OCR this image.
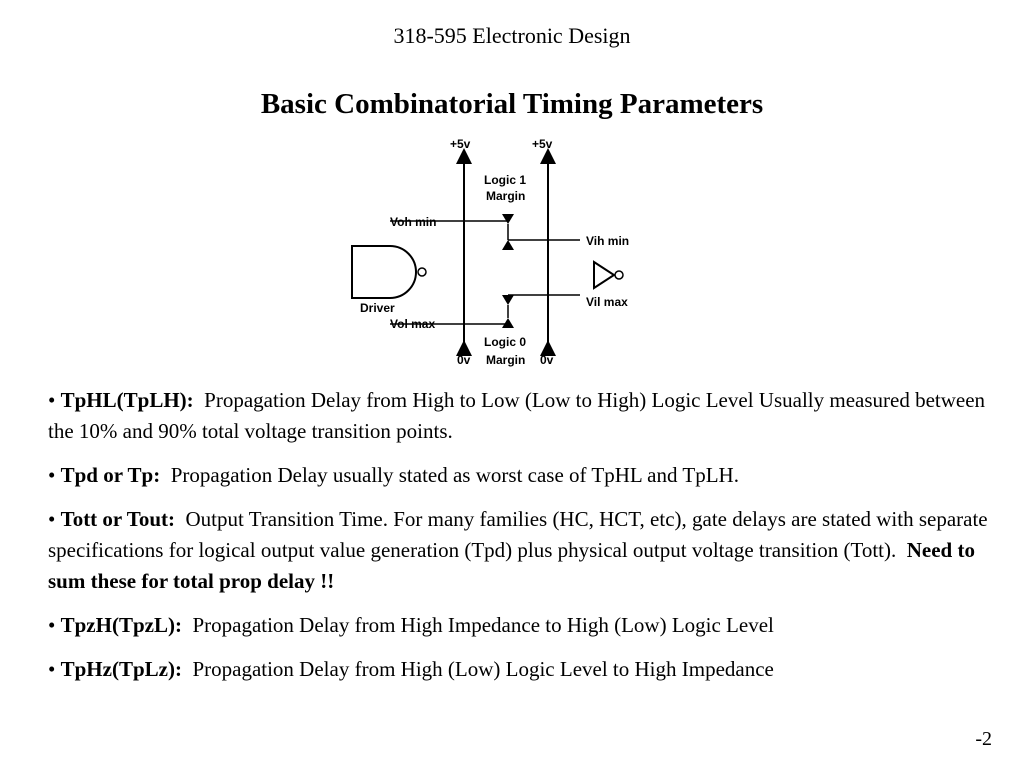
318-595 Electronic Design
Basic Combinatorial Timing Parameters
+5v	+5v
Logic 1
Margin
Voh min
Vih min
Driver	Vil max
Vol max
Logic 0
Margin
0v	0v
• TpHL(TpLH): Propagation Delay from High to Low (Low to High) Logic Level Usually measured between the 10% and 90% total voltage transition points.
• Tpd or Tp: Propagation Delay usually stated as worst case of TpHL and TpLH.
• Tott or Tout: Output Transition Time. For many families (HC, HCT, etc), gate delays are stated with separate specifications for logical output value generation (Tpd) plus physical output voltage transition (Tott). Need to sum these for total prop delay !!
• TpzH(TpzL): Propagation Delay from High Impedance to High (Low) Logic Level
• TpHz(TpLz):  Propagation Delay from High (Low) Logic Level to High Impedance
-2
